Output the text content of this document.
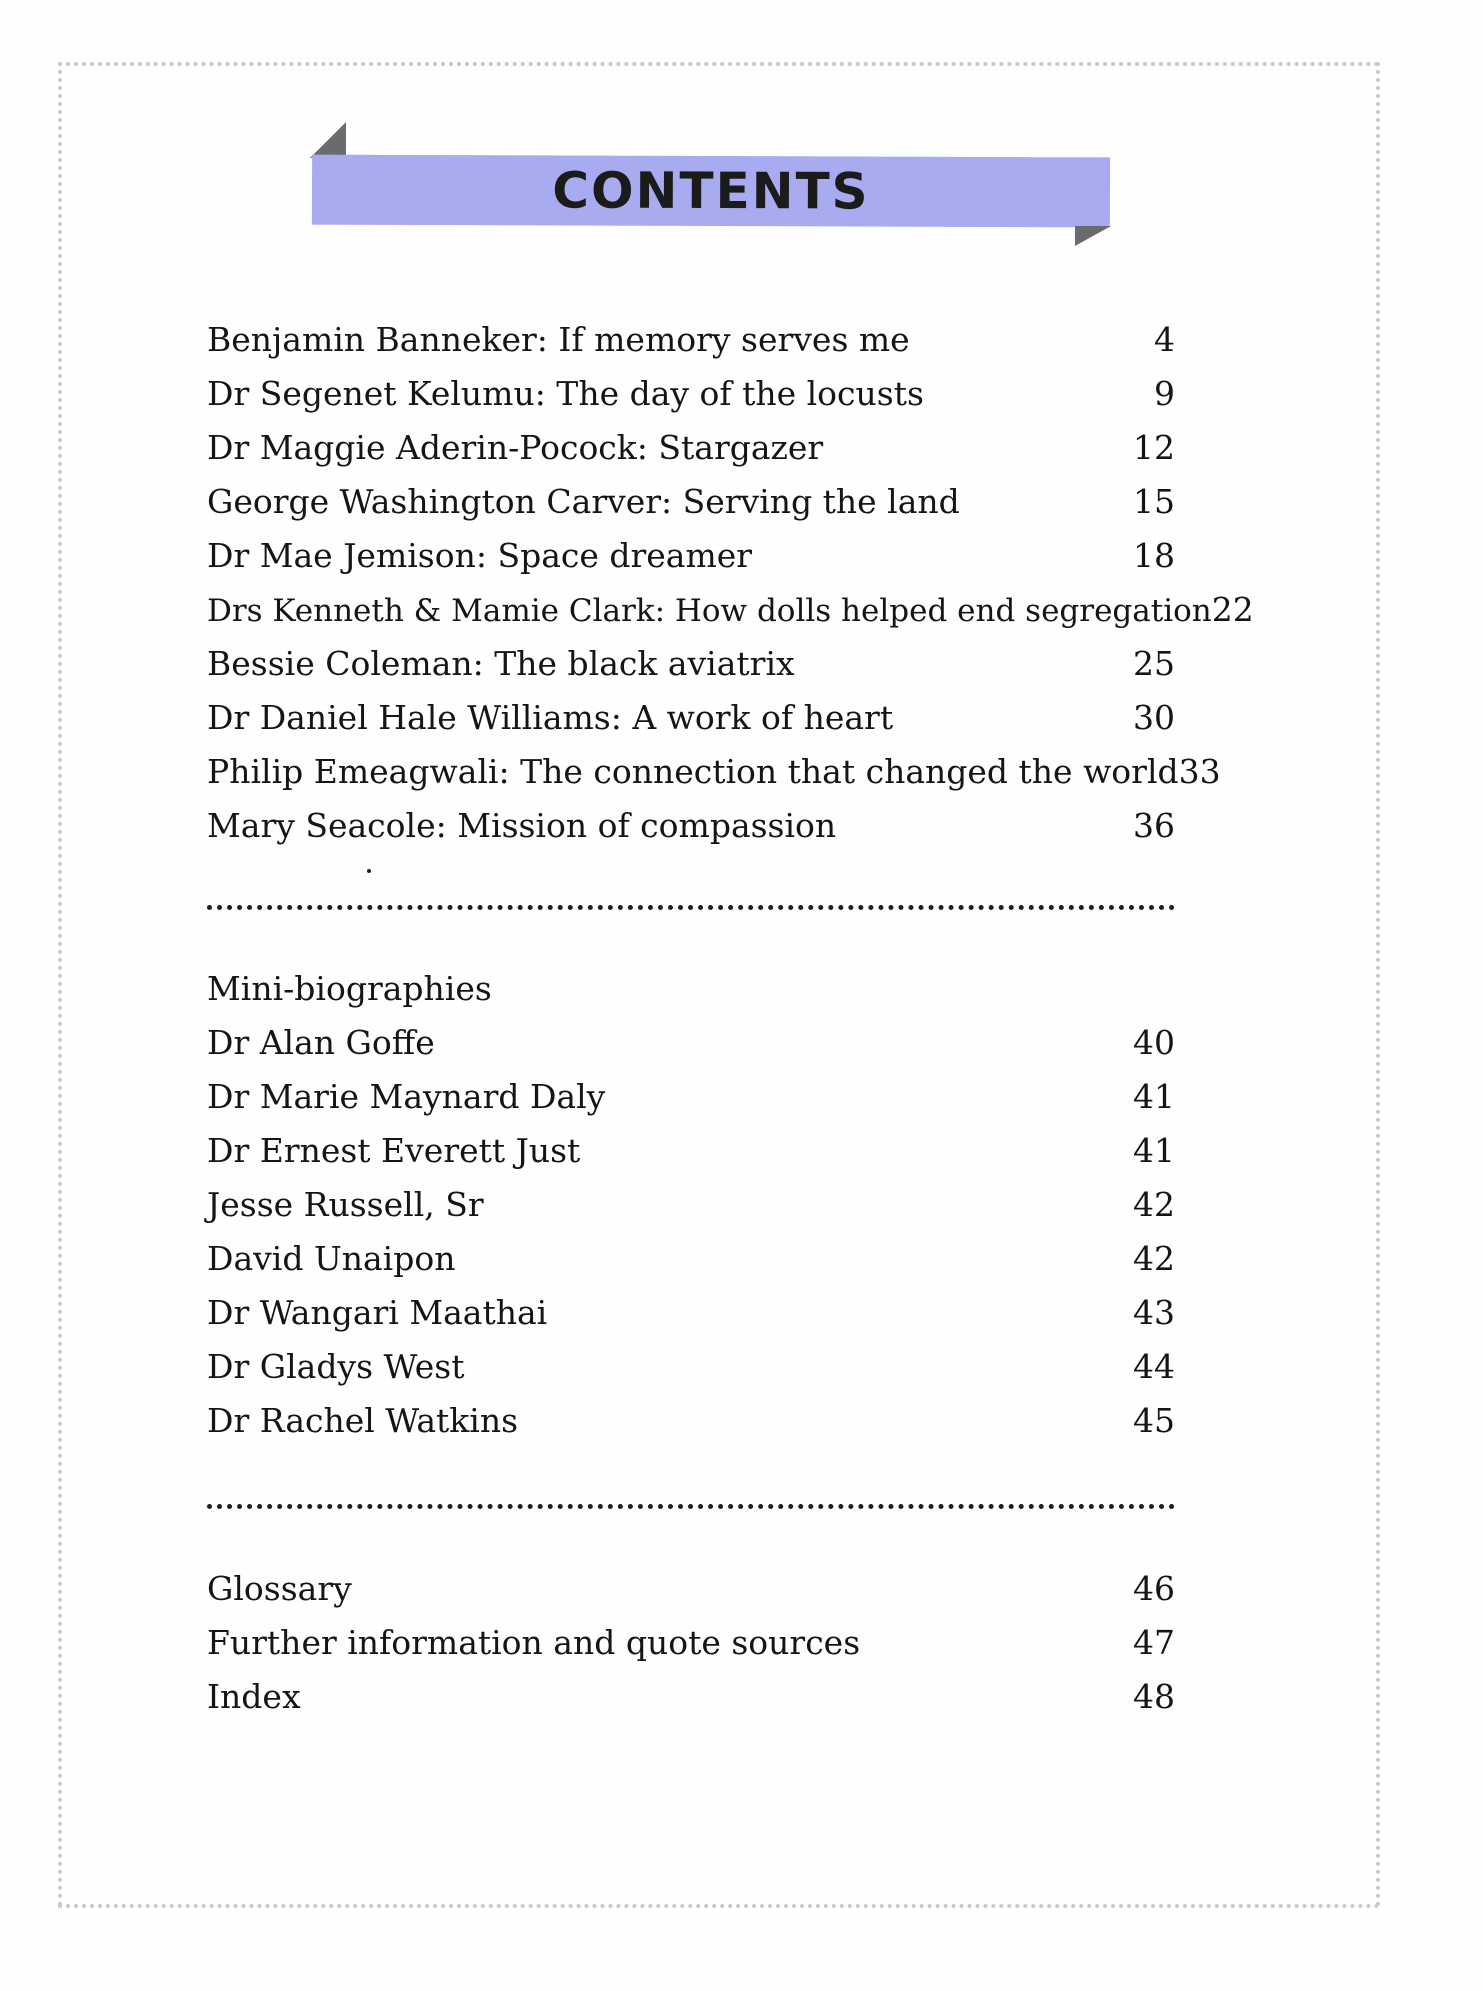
CONTENTS
Benjamin Banneker: If memory serves me	4
Dr Segenet Kelumu: The day of the locusts	9
Dr Maggie Aderin-Pocock: Stargazer	12
George Washington Carver: Serving the land	15
Dr Mae Jemison: Space dreamer	18
Drs Kenneth & Mamie Clark: How dolls helped end segregation 22
Bessie Coleman: The black aviatrix	25
Dr Daniel Hale Williams: A work of heart	30
Philip Emeagwali: The connection that changed the world 33
Mary Seacole: Mission of compassion	36
Mini-biographies
Dr Alan Goffe	40
Dr Marie Maynard Daly	41
Dr Ernest Everett Just	41
Jesse Russell, Sr	42
David Unaipon	42
Dr Wangari Maathai	43
Dr Gladys West	44
Dr Rachel Watkins	45
Glossary	46
Further information and quote sources	47
Index	48
